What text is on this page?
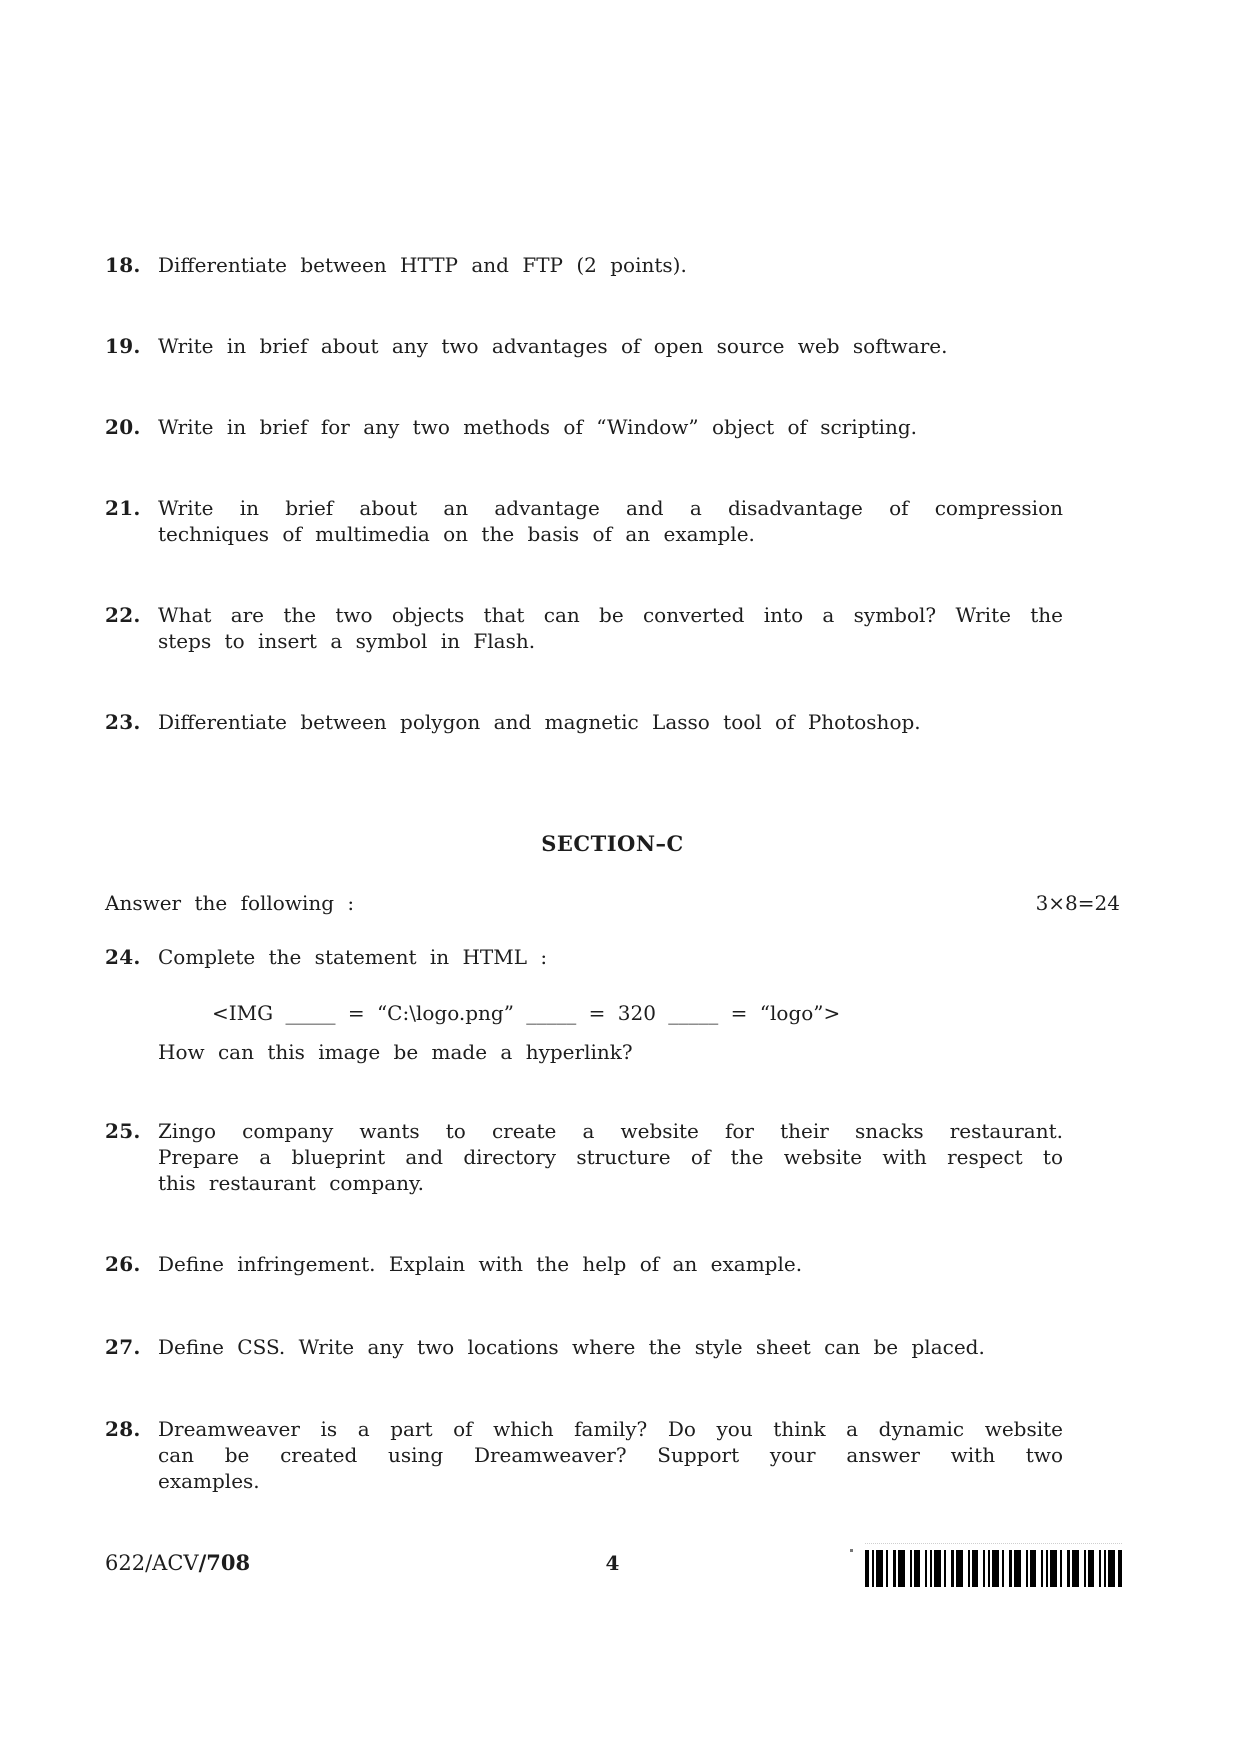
18. Differentiate between HTTP and FTP (2 points).
19. Write in brief about any two advantages of open source web software.
20. Write in brief for any two methods of “Window” object of scripting.
21. Write in brief about an advantage and a disadvantage of compression
techniques of multimedia on the basis of an example.
22. What are the two objects that can be converted into a symbol? Write the
steps to insert a symbol in Flash.
23. Differentiate between polygon and magnetic Lasso tool of Photoshop.
SECTION–C
Answer the following :	3×8=24
24. Complete the statement in HTML :
<IMG _____ = “C:\logo.png” _____ = 320 _____ = “logo”>
How can this image be made a hyperlink?
25. Zingo company wants to create a website for their snacks restaurant.
Prepare a blueprint and directory structure of the website with respect to
this restaurant company.
26. Define infringement. Explain with the help of an example.
27. Define CSS. Write any two locations where the style sheet can be placed.
28. Dreamweaver is a part of which family? Do you think a dynamic website
can be created using Dreamweaver? Support your answer with two
examples.
622/ACV/708	4
